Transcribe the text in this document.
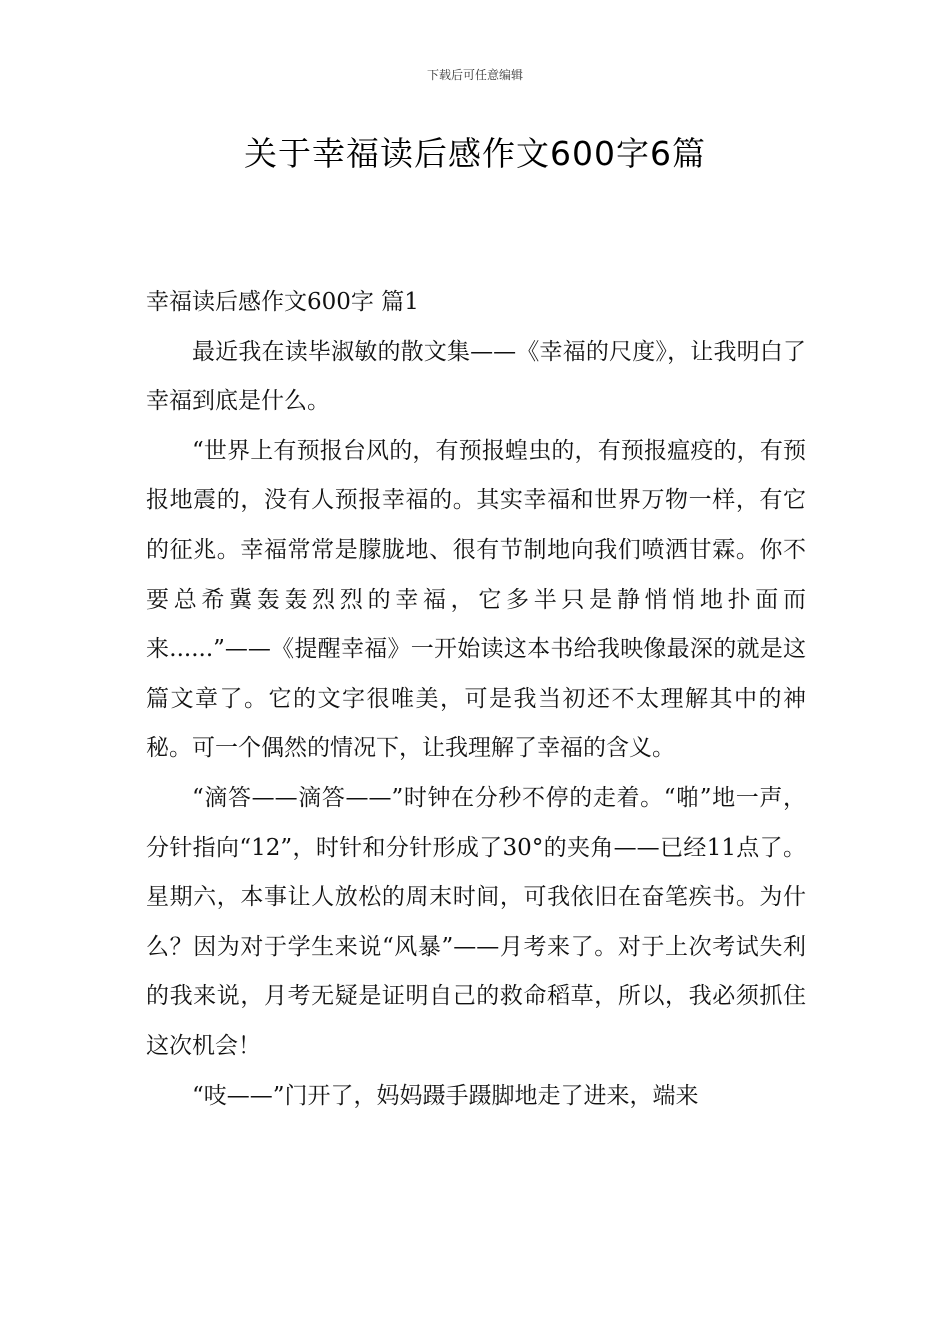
下载后可任意编辑
关于幸福读后感作文600字6篇
幸福读后感作文600字 篇1

最近我在读毕淑敏的散文集——《幸福的尺度》，让我明白了幸福到底是什么。

“世界上有预报台风的，有预报蝗虫的，有预报瘟疫的，有预报地震的，没有人预报幸福的。其实幸福和世界万物一样，有它的征兆。幸福常常是朦胧地、很有节制地向我们喷洒甘霖。你不要总希冀轰轰烈烈的幸福，它多半只是静悄悄地扑面而来......”——《提醒幸福》一开始读这本书给我映像最深的就是这篇文章了。它的文字很唯美，可是我当初还不太理解其中的神秘。可一个偶然的情况下，让我理解了幸福的含义。

“滴答——滴答——”时钟在分秒不停的走着。“啪”地一声，分针指向“12”，时针和分针形成了30°的夹角——已经11点了。星期六，本事让人放松的周末时间，可我依旧在奋笔疾书。为什么？因为对于学生来说“风暴”——月考来了。对于上次考试失利的我来说，月考无疑是证明自己的救命稻草，所以，我必须抓住这次机会！

“吱——”门开了，妈妈蹑手蹑脚地走了进来，端来
